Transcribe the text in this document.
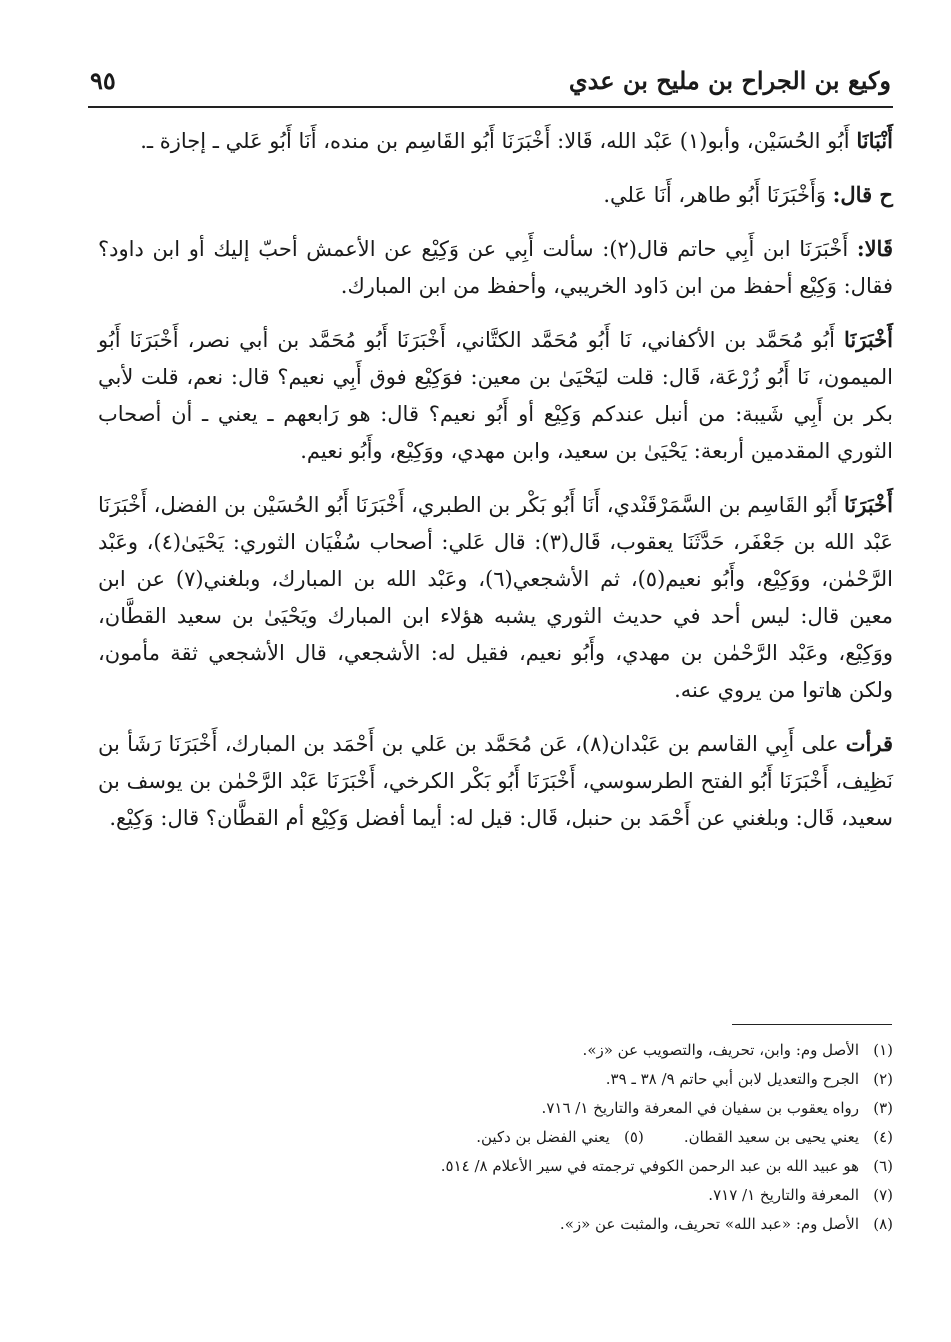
وكيع بن الجراح بن مليح بن عدي
٩٥

أَنْبَانَا أَبُو الحُسَيْن، وأبو(١) عَبْد الله، قَالا: أَخْبَرَنَا أَبُو القَاسِم بن منده، أَنَا أَبُو عَلي ـ إجازة ـ.

ح قال: وَأَخْبَرَنَا أَبُو طاهر، أَنَا عَلي.

قَالا: أَخْبَرَنَا ابن أَبِي حاتم قال(٢): سألت أَبِي عن وَكِيْع عن الأعمش أحبّ إليك أو ابن داود؟ فقال: وَكِيْع أحفظ من ابن دَاود الخريبي، وأحفظ من ابن المبارك.

أَخْبَرَنَا أَبُو مُحَمَّد بن الأكفاني، نَا أَبُو مُحَمَّد الكتَّاني، أَخْبَرَنَا أَبُو مُحَمَّد بن أبي نصر، أَخْبَرَنَا أَبُو الميمون، نَا أَبُو زُرْعَة، قَال: قلت ليَحْيَىٰ بن معين: فوَكِيْع فوق أَبِي نعيم؟ قال: نعم، قلت لأبي بكر بن أَبِي شَيبة: من أنبل عندكم وَكِيْع أو أَبُو نعيم؟ قال: هو رَابعهم ـ يعني ـ أن أصحاب الثوري المقدمين أربعة: يَحْيَىٰ بن سعيد، وابن مهدي، ووَكِيْع، وأَبُو نعيم.

أَخْبَرَنَا أَبُو القَاسِم بن السَّمَرْقَنْدي، أَنَا أَبُو بَكْر بن الطبري، أَخْبَرَنَا أَبُو الحُسَيْن بن الفضل، أَخْبَرَنَا عَبْد الله بن جَعْفَر، حَدَّثَنَا يعقوب، قَال(٣): قال عَلي: أصحاب سُفْيَان الثوري: يَحْيَىٰ(٤)، وعَبْد الرَّحْمٰن، ووَكِيْع، وأَبُو نعيم(٥)، ثم الأشجعي(٦)، وعَبْد الله بن المبارك، وبلغني(٧) عن ابن معين قال: ليس أحد في حديث الثوري يشبه هؤلاء ابن المبارك ويَحْيَىٰ بن سعيد القطَّان، ووَكِيْع، وعَبْد الرَّحْمٰن بن مهدي، وأَبُو نعيم، فقيل له: الأشجعي، قال الأشجعي ثقة مأمون، ولكن هاتوا من يروي عنه.

قرأت على أَبِي القاسم بن عَبْدان(٨)، عَن مُحَمَّد بن عَلي بن أَحْمَد بن المبارك، أَخْبَرَنَا رَشَأ بن نَظِيف، أَخْبَرَنَا أَبُو الفتح الطرسوسي، أَخْبَرَنَا أَبُو بَكْر الكرخي، أَخْبَرَنَا عَبْد الرَّحْمٰن بن يوسف بن سعيد، قَال: وبلغني عن أَحْمَد بن حنبل، قَال: قيل له: أيما أفضل وَكِيْع أم القطَّان؟ قال: وَكِيْع.

(١)الأصل وم: وابن، تحريف، والتصويب عن «ز».
(٢)الجرح والتعديل لابن أبي حاتم ٩/ ٣٨ ـ ٣٩.
(٣)رواه يعقوب بن سفيان في المعرفة والتاريخ ١/ ٧١٦.
(٤)يعني يحيى بن سعيد القطان.
(٥)يعني الفضل بن دكين.
(٦)هو عبيد الله بن عبد الرحمن الكوفي ترجمته في سير الأعلام ٨/ ٥١٤.
(٧)المعرفة والتاريخ ١/ ٧١٧.
(٨)الأصل وم: «عبد الله» تحريف، والمثبت عن «ز».
